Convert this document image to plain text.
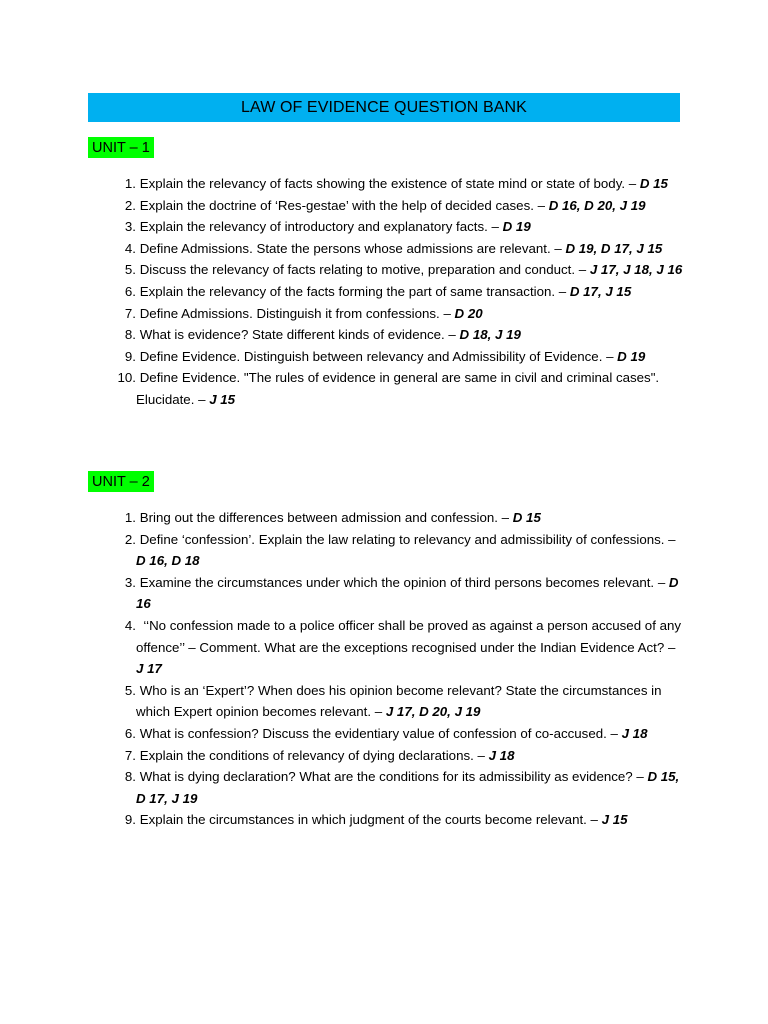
LAW OF EVIDENCE QUESTION BANK
UNIT – 1
1. Explain the relevancy of facts showing the existence of state mind or state of body. – D 15
2. Explain the doctrine of ‘Res-gestae’ with the help of decided cases. – D 16, D 20, J 19
3. Explain the relevancy of introductory and explanatory facts. – D 19
4. Define Admissions. State the persons whose admissions are relevant. – D 19, D 17, J 15
5. Discuss the relevancy of facts relating to motive, preparation and conduct. – J 17, J 18, J 16
6. Explain the relevancy of the facts forming the part of same transaction. – D 17, J 15
7. Define Admissions. Distinguish it from confessions. – D 20
8. What is evidence? State different kinds of evidence. – D 18, J 19
9. Define Evidence. Distinguish between relevancy and Admissibility of Evidence. – D 19
10. Define Evidence. "The rules of evidence in general are same in civil and criminal cases". Elucidate. – J 15
UNIT – 2
1. Bring out the differences between admission and confession. – D 15
2. Define ‘confession’. Explain the law relating to relevancy and admissibility of confessions. – D 16, D 18
3. Examine the circumstances under which the opinion of third persons becomes relevant. – D 16
4. ‘‘No confession made to a police officer shall be proved as against a person accused of any offence’’ – Comment. What are the exceptions recognised under the Indian Evidence Act? – J 17
5. Who is an ‘Expert’? When does his opinion become relevant? State the circumstances in which Expert opinion becomes relevant. – J 17, D 20, J 19
6. What is confession? Discuss the evidentiary value of confession of co-accused. – J 18
7. Explain the conditions of relevancy of dying declarations. – J 18
8. What is dying declaration? What are the conditions for its admissibility as evidence? – D 15, D 17, J 19
9. Explain the circumstances in which judgment of the courts become relevant. – J 15
